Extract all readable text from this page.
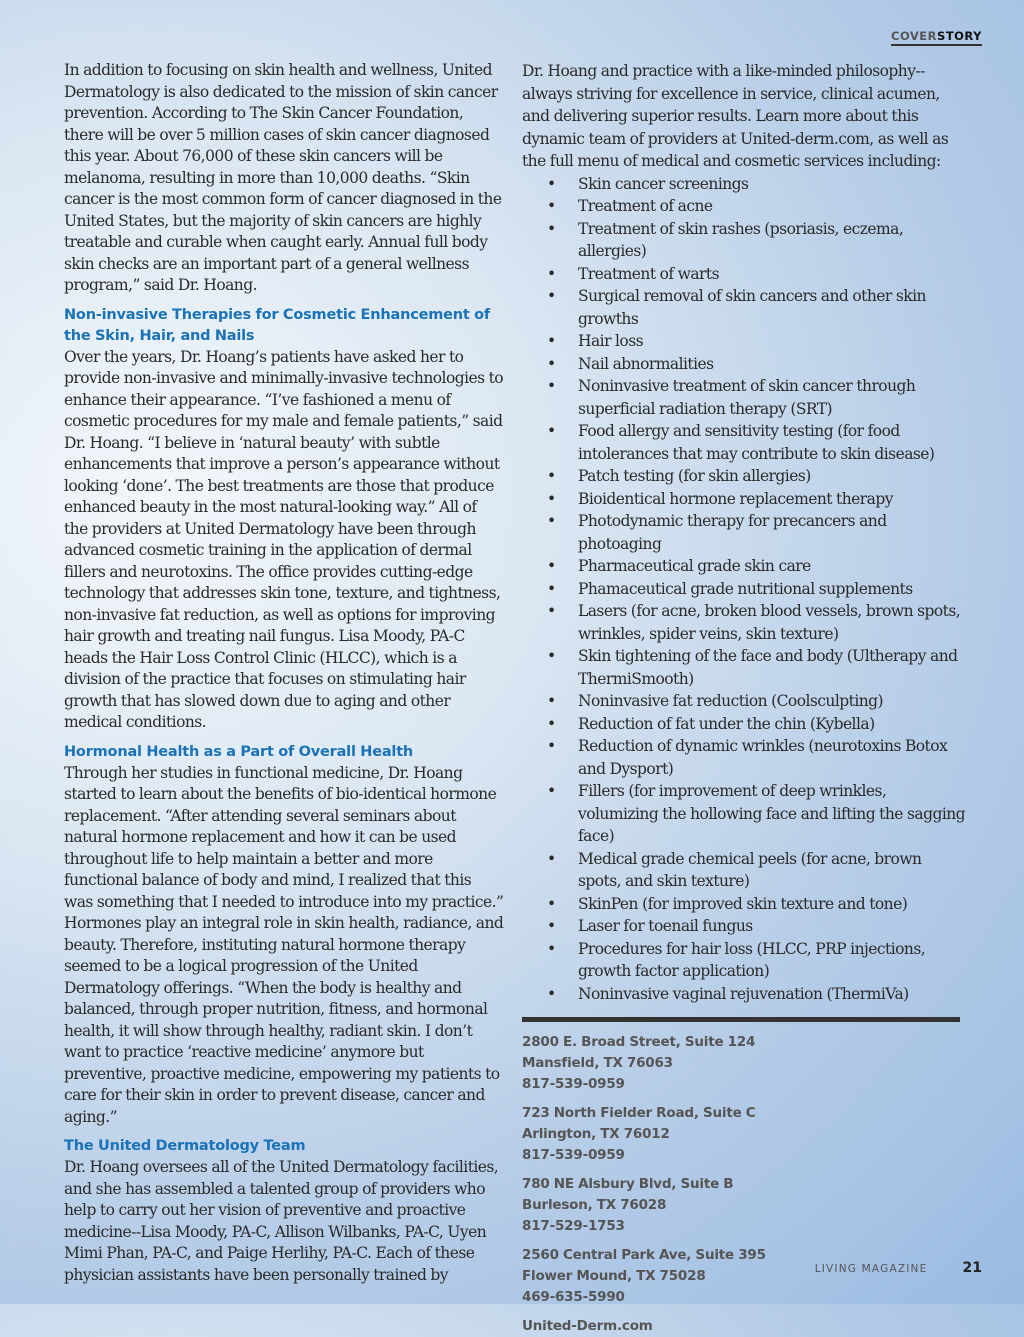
COVERSTORY

In addition to focusing on skin health and wellness, United Dermatology is also dedicated to the mission of skin cancer prevention. According to The Skin Cancer Foundation, there will be over 5 million cases of skin cancer diagnosed this year. About 76,000 of these skin cancers will be melanoma, resulting in more than 10,000 deaths. “Skin cancer is the most common form of cancer diagnosed in the United States, but the majority of skin cancers are highly treatable and curable when caught early. Annual full body skin checks are an important part of a general wellness program,” said Dr. Hoang.

Non-invasive Therapies for Cosmetic Enhancement of the Skin, Hair, and Nails

Over the years, Dr. Hoang’s patients have asked her to provide non-invasive and minimally-invasive technologies to enhance their appearance. “I’ve fashioned a menu of cosmetic procedures for my male and female patients,” said Dr. Hoang. “I believe in ‘natural beauty’ with subtle enhancements that improve a person’s appearance without looking ‘done’. The best treatments are those that produce enhanced beauty in the most natural-looking way.” All of the providers at United Dermatology have been through advanced cosmetic training in the application of dermal fillers and neurotoxins. The office provides cutting-edge technology that addresses skin tone, texture, and tightness, non-invasive fat reduction, as well as options for improving hair growth and treating nail fungus. Lisa Moody, PA-C heads the Hair Loss Control Clinic (HLCC), which is a division of the practice that focuses on stimulating hair growth that has slowed down due to aging and other medical conditions.

Hormonal Health as a Part of Overall Health

Through her studies in functional medicine, Dr. Hoang started to learn about the benefits of bio-identical hormone replacement. “After attending several seminars about natural hormone replacement and how it can be used throughout life to help maintain a better and more functional balance of body and mind, I realized that this was something that I needed to introduce into my practice.” Hormones play an integral role in skin health, radiance, and beauty. Therefore, instituting natural hormone therapy seemed to be a logical progression of the United Dermatology offerings. “When the body is healthy and balanced, through proper nutrition, fitness, and hormonal health, it will show through healthy, radiant skin. I don’t want to practice ‘reactive medicine’ anymore but preventive, proactive medicine, empowering my patients to care for their skin in order to prevent disease, cancer and aging.”

The United Dermatology Team

Dr. Hoang oversees all of the United Dermatology facilities, and she has assembled a talented group of providers who help to carry out her vision of preventive and proactive medicine--Lisa Moody, PA-C, Allison Wilbanks, PA-C, Uyen Mimi Phan, PA-C, and Paige Herlihy, PA-C. Each of these physician assistants have been personally trained by

Dr. Hoang and practice with a like-minded philosophy--always striving for excellence in service, clinical acumen, and delivering superior results. Learn more about this dynamic team of providers at United-derm.com, as well as the full menu of medical and cosmetic services including:

• Skin cancer screenings
• Treatment of acne
• Treatment of skin rashes (psoriasis, eczema, allergies)
• Treatment of warts
• Surgical removal of skin cancers and other skin growths
• Hair loss
• Nail abnormalities
• Noninvasive treatment of skin cancer through superficial radiation therapy (SRT)
• Food allergy and sensitivity testing (for food intolerances that may contribute to skin disease)
• Patch testing (for skin allergies)
• Bioidentical hormone replacement therapy
• Photodynamic therapy for precancers and photoaging
• Pharmaceutical grade skin care
• Phamaceutical grade nutritional supplements
• Lasers (for acne, broken blood vessels, brown spots, wrinkles, spider veins, skin texture)
• Skin tightening of the face and body (Ultherapy and ThermiSmooth)
• Noninvasive fat reduction (Coolsculpting)
• Reduction of fat under the chin (Kybella)
• Reduction of dynamic wrinkles (neurotoxins Botox and Dysport)
• Fillers (for improvement of deep wrinkles, volumizing the hollowing face and lifting the sagging face)
• Medical grade chemical peels (for acne, brown spots, and skin texture)
• SkinPen (for improved skin texture and tone)
• Laser for toenail fungus
• Procedures for hair loss (HLCC, PRP injections, growth factor application)
• Noninvasive vaginal rejuvenation (ThermiVa)
2800 E. Broad Street, Suite 124
Mansfield, TX 76063
817-539-0959
723 North Fielder Road, Suite C
Arlington, TX 76012
817-539-0959
780 NE Alsbury Blvd, Suite B
Burleson, TX 76028
817-529-1753
2560 Central Park Ave, Suite 395
Flower Mound, TX 75028
469-635-5990
United-Derm.com
LIVING MAGAZINE	21
